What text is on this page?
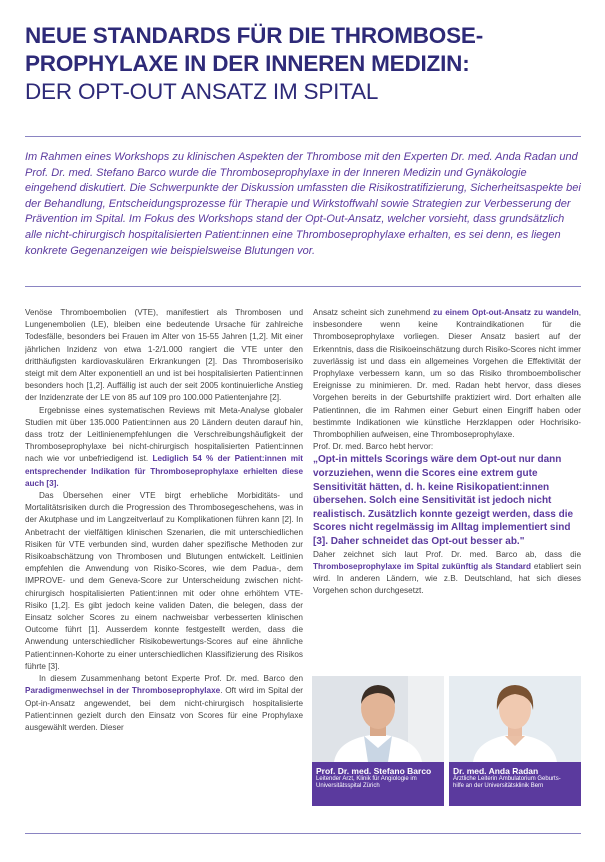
NEUE STANDARDS FÜR DIE THROMBOSE-
PROPHYLAXE IN DER INNEREN MEDIZIN:
DER OPT-OUT ANSATZ IM SPITAL
Im Rahmen eines Workshops zu klinischen Aspekten der Thrombose mit den Experten Dr. med. Anda Radan und Prof. Dr. med. Stefano Barco wurde die Thromboseprophylaxe in der Inneren Medizin und Gynäkologie eingehend diskutiert. Die Schwerpunkte der Diskussion umfassten die Risikostratifizierung, Sicherheitsaspekte bei der Behandlung, Entscheidungsprozesse für Therapie und Wirkstoffwahl sowie Strategien zur Verbesserung der Prävention im Spital. Im Fokus des Workshops stand der Opt-Out-Ansatz, welcher vorsieht, dass grundsätzlich alle nicht-chirurgisch hospitalisierten Patient:innen eine Thromboseprophylaxe erhalten, es sei denn, es liegen konkrete Gegenanzeigen wie beispielsweise Blutungen vor.

Venöse Thromboembolien (VTE), manifestiert als Thrombosen und Lungenembolien (LE), bleiben eine bedeutende Ursache für zahlreiche Todesfälle, besonders bei Frauen im Alter von 15-55 Jahren [1,2]. Mit einer jährlichen Inzidenz von etwa 1-2/1.000 rangiert die VTE unter den dritthäufigsten kardiovaskulären Erkrankungen [2]. Das Thromboserisiko steigt mit dem Alter exponentiell an und ist bei hospitalisierten Patient:innen besonders hoch [1,2]. Auffällig ist auch der seit 2005 kontinuierliche Anstieg der Inzidenzrate der LE von 85 auf 109 pro 100.000 Patientenjahre [2].

Ergebnisse eines systematischen Reviews mit Meta-Analyse globaler Studien mit über 135.000 Patient:innen aus 20 Ländern deuten darauf hin, dass trotz der Leitlinienempfehlungen die Verschreibungshäufigkeit der Thromboseprophylaxe bei nicht-chirurgisch hospitalisierten Patient:innen nach wie vor unbefriedigend ist. Lediglich 54 % der Patient:innen mit entsprechender Indikation für Thromboseprophylaxe erhielten diese auch [3].

Das Übersehen einer VTE birgt erhebliche Morbiditäts- und Mortalitätsrisiken durch die Progression des Thrombosegeschehens, was in der Akutphase und im Langzeitverlauf zu Komplikationen führen kann [2]. In Anbetracht der vielfältigen klinischen Szenarien, die mit unterschiedlichen Risiken für VTE verbunden sind, wurden daher spezifische Methoden zur Risikoabschätzung von Thrombosen und Blutungen entwickelt. Leitlinien empfehlen die Anwendung von Risiko-Scores, wie dem Padua-, dem IMPROVE- und dem Geneva-Score zur Unterscheidung zwischen nicht-chirurgisch hospitalisierten Patient:innen mit oder ohne erhöhtem VTE-Risiko [1,2]. Es gibt jedoch keine validen Daten, die belegen, dass der Einsatz solcher Scores zu einem nachweisbar verbesserten klinischen Outcome führt [1]. Ausserdem konnte festgestellt werden, dass die Anwendung unterschiedlicher Risikobewertungs-Scores auf eine ähnliche Patient:innen-Kohorte zu einer unterschiedlichen Klassifizierung des Risikos führte [3].

In diesem Zusammenhang betont Experte Prof. Dr. med. Barco den Paradigmenwechsel in der Thromboseprophylaxe. Oft wird im Spital der Opt-in-Ansatz angewendet, bei dem nicht-chirurgisch hospitalisierte Patient:innen gezielt durch den Einsatz von Scores für eine Prophylaxe ausgewählt werden. Dieser

Ansatz scheint sich zunehmend zu einem Opt-out-Ansatz zu wandeln, insbesondere wenn keine Kontraindikationen für die Thromboseprophylaxe vorliegen. Dieser Ansatz basiert auf der Erkenntnis, dass die Risikoeinschätzung durch Risiko-Scores nicht immer zuverlässig ist und dass ein allgemeines Vorgehen die Effektivität der Prophylaxe verbessern kann, um so das Risiko thromboembolischer Ereignisse zu minimieren. Dr. med. Radan hebt hervor, dass dieses Vorgehen bereits in der Geburtshilfe praktiziert wird. Dort erhalten alle Patientinnen, die im Rahmen einer Geburt einen Eingriff haben oder bestimmte Indikationen wie künstliche Herzklappen oder Hochrisiko-Thrombophilien aufweisen, eine Thromboseprophylaxe.

Prof. Dr. med. Barco hebt hervor:

„Opt-in mittels Scorings wäre dem Opt-out nur dann vorzuziehen, wenn die Scores eine extrem gute Sensitivität hätten, d. h. keine Risikopatient:innen übersehen. Solch eine Sensitivität ist jedoch nicht realistisch. Zusätzlich konnte gezeigt werden, dass die Scores nicht regelmässig im Alltag implementiert sind [3]. Daher schneidet das Opt-out besser ab."

Daher zeichnet sich laut Prof. Dr. med. Barco ab, dass die Thromboseprophylaxe im Spital zukünftig als Standard etabliert sein wird. In anderen Ländern, wie z.B. Deutschland, hat sich dieses Vorgehen schon durchgesetzt.

Prof. Dr. med. Stefano Barco
Leitender Arzt, Klinik für Angiologie im
Universitätsspital Zürich
Dr. med. Anda Radan
Ärztliche Leiterin Ambulatorium Geburts-
hilfe an der Universitätsklinik Bern
